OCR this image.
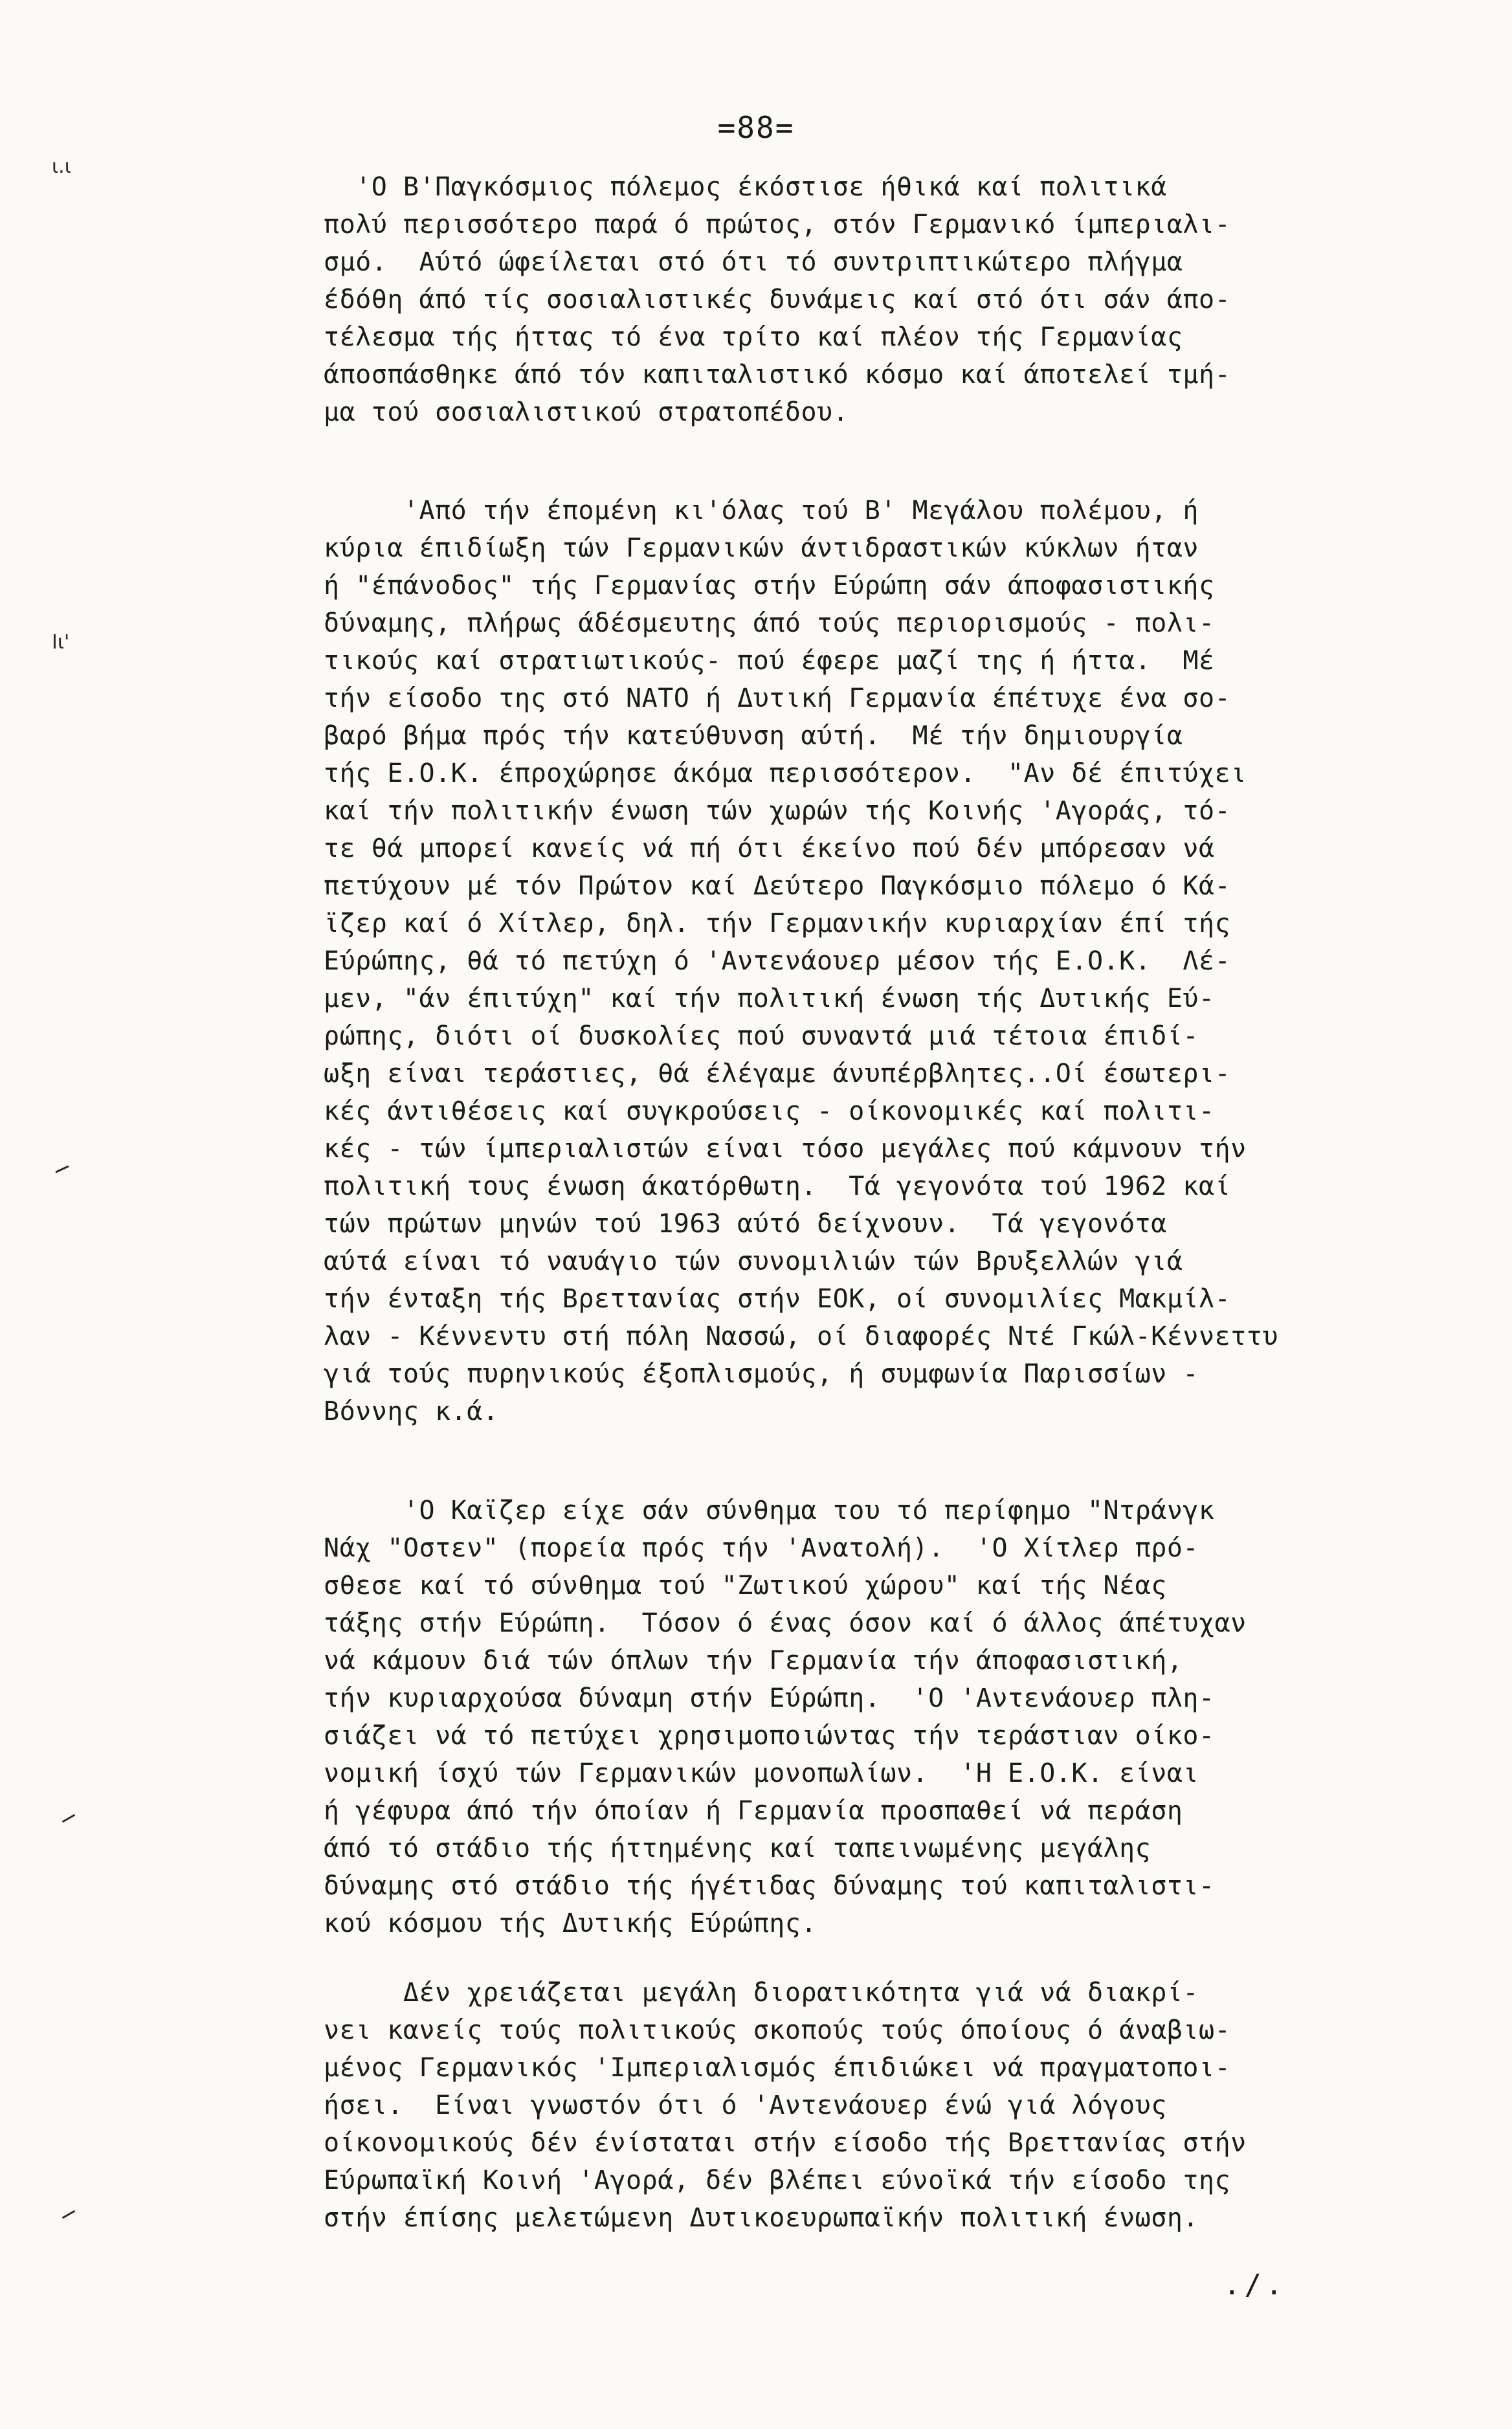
=88=
'Ο Β'Παγκόσμιος πόλεμος έκόστισε ήθικά καί πολιτικά
πολύ περισσότερο παρά ό πρώτος, στόν Γερμανικό ίμπεριαλι-
σμό.  Αύτό ώφείλεται στό ότι τό συντριπτικώτερο πλήγμα
έδόθη άπό τίς σοσιαλιστικές δυνάμεις καί στό ότι σάν άπο-
τέλεσμα τής ήττας τό ένα τρίτο καί πλέον τής Γερμανίας
άποσπάσθηκε άπό τόν καπιταλιστικό κόσμο καί άποτελεί τμή-
μα τού σοσιαλιστικού στρατοπέδου.
'Από τήν έπομένη κι'όλας τού Β' Μεγάλου πολέμου, ή
κύρια έπιδίωξη τών Γερμανικών άντιδραστικών κύκλων ήταν
ή "έπάνοδος" τής Γερμανίας στήν Εύρώπη σάν άποφασιστικής
δύναμης, πλήρως άδέσμευτης άπό τούς περιορισμούς - πολι-
τικούς καί στρατιωτικούς- πού έφερε μαζί της ή ήττα.  Μέ
τήν είσοδο της στό ΝΑΤΟ ή Δυτική Γερμανία έπέτυχε ένα σο-
βαρό βήμα πρός τήν κατεύθυνση αύτή.  Μέ τήν δημιουργία
τής Ε.Ο.Κ. έπροχώρησε άκόμα περισσότερον.  "Αν δέ έπιτύχει
καί τήν πολιτικήν ένωση τών χωρών τής Κοινής 'Αγοράς, τό-
τε θά μπορεί κανείς νά πή ότι έκείνο πού δέν μπόρεσαν νά
πετύχουν μέ τόν Πρώτον καί Δεύτερο Παγκόσμιο πόλεμο ό Κά-
ϊζερ καί ό Χίτλερ, δηλ. τήν Γερμανικήν κυριαρχίαν έπί τής
Εύρώπης, θά τό πετύχη ό 'Αντενάουερ μέσον τής Ε.Ο.Κ.  Λέ-
μεν, "άν έπιτύχη" καί τήν πολιτική ένωση τής Δυτικής Εύ-
ρώπης, διότι οί δυσκολίες πού συναντά μιά τέτοια έπιδί-
ωξη είναι τεράστιες, θά έλέγαμε άνυπέρβλητες..Οί έσωτερι-
κές άντιθέσεις καί συγκρούσεις - οίκονομικές καί πολιτι-
κές - τών ίμπεριαλιστών είναι τόσο μεγάλες πού κάμνουν τήν
πολιτική τους ένωση άκατόρθωτη.  Τά γεγονότα τού 1962 καί
τών πρώτων μηνών τού 1963 αύτό δείχνουν.  Τά γεγονότα
αύτά είναι τό ναυάγιο τών συνομιλιών τών Βρυξελλών γιά
τήν ένταξη τής Βρεττανίας στήν ΕΟΚ, οί συνομιλίες Μακμίλ-
λαν - Κέννεντυ στή πόλη Νασσώ, οί διαφορές Ντέ Γκώλ-Κέννεττυ
γιά τούς πυρηνικούς έξοπλισμούς, ή συμφωνία Παρισσίων -
Βόννης κ.ά.
'Ο Καϊζερ είχε σάν σύνθημα του τό περίφημο "Ντράνγκ
Νάχ "Οστεν" (πορεία πρός τήν 'Ανατολή).  'Ο Χίτλερ πρό-
σθεσε καί τό σύνθημα τού "Ζωτικού χώρου" καί τής Νέας
τάξης στήν Εύρώπη.  Τόσον ό ένας όσον καί ό άλλος άπέτυχαν
νά κάμουν διά τών όπλων τήν Γερμανία τήν άποφασιστική,
τήν κυριαρχούσα δύναμη στήν Εύρώπη.  'Ο 'Αντενάουερ πλη-
σιάζει νά τό πετύχει χρησιμοποιώντας τήν τεράστιαν οίκο-
νομική ίσχύ τών Γερμανικών μονοπωλίων.  'Η Ε.Ο.Κ. είναι
ή γέφυρα άπό τήν όποίαν ή Γερμανία προσπαθεί νά περάση
άπό τό στάδιο τής ήττημένης καί ταπεινωμένης μεγάλης
δύναμης στό στάδιο τής ήγέτιδας δύναμης τού καπιταλιστι-
κού κόσμου τής Δυτικής Εύρώπης.
Δέν χρειάζεται μεγάλη διορατικότητα γιά νά διακρί-
νει κανείς τούς πολιτικούς σκοπούς τούς όποίους ό άναβιω-
μένος Γερμανικός 'Ιμπεριαλισμός έπιδιώκει νά πραγματοποι-
ήσει.  Είναι γνωστόν ότι ό 'Αντενάουερ ένώ γιά λόγους
οίκονομικούς δέν ένίσταται στήν είσοδο τής Βρεττανίας στήν
Εύρωπαϊκή Κοινή 'Αγορά, δέν βλέπει εύνοϊκά τήν είσοδο της
στήν έπίσης μελετώμενη Δυτικοευρωπαϊκήν πολιτική ένωση.
./.
ι.ι
Ιι'
